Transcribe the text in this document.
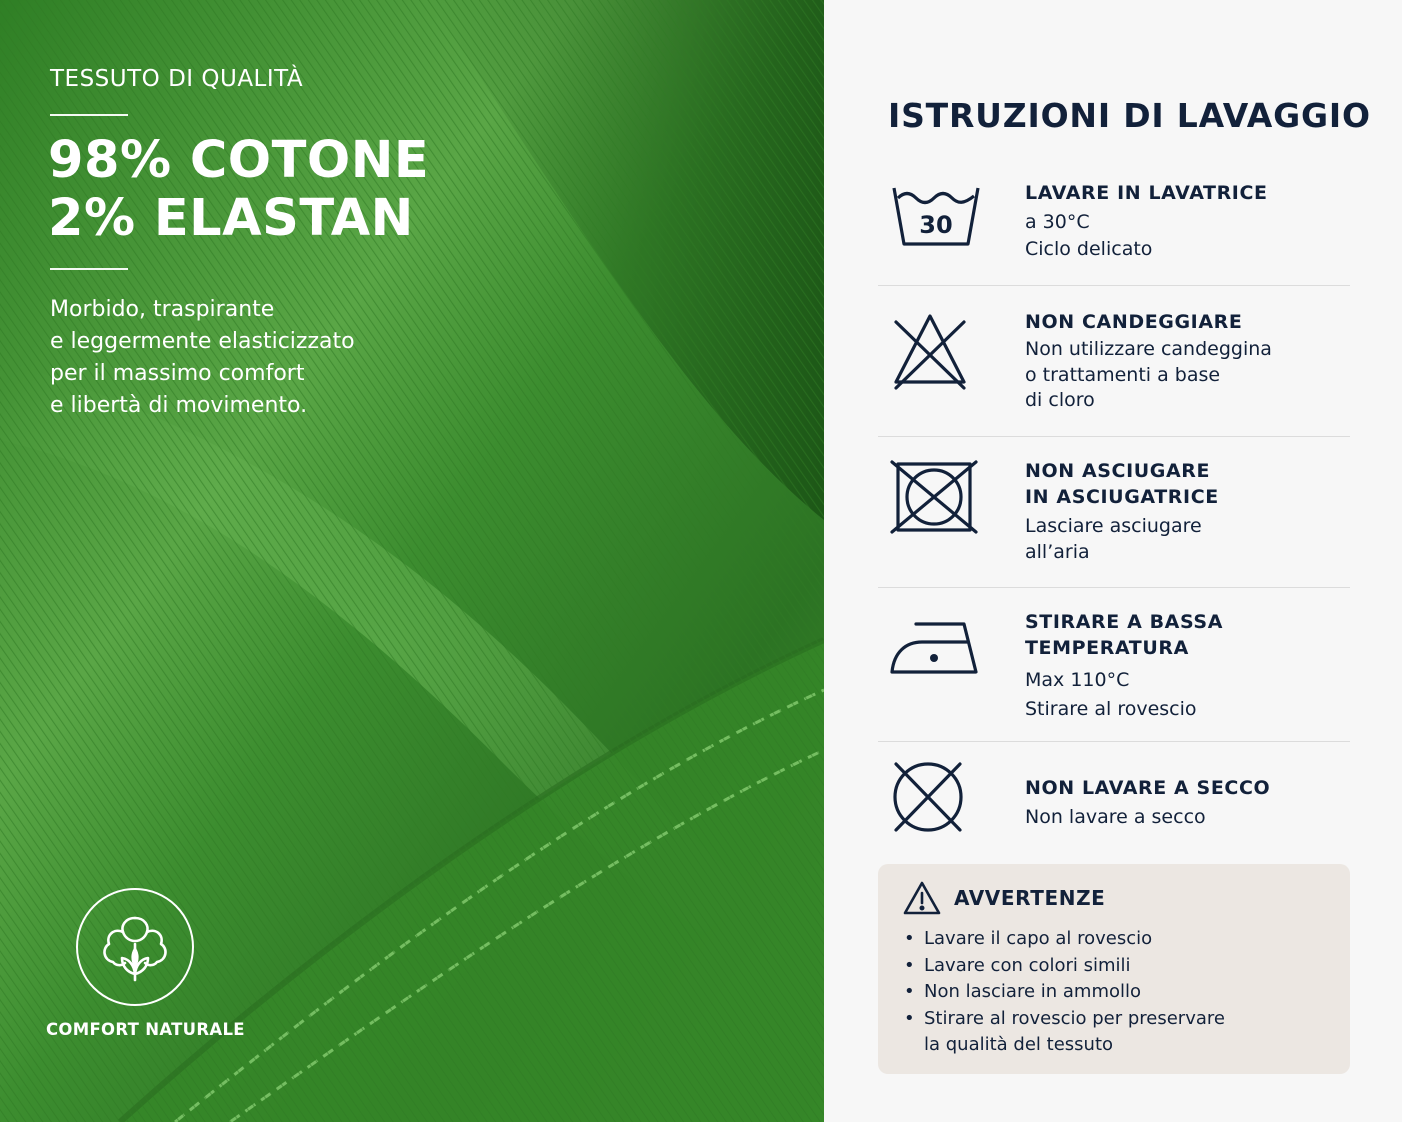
TESSUTO DI QUALITÀ
98% COTONE
2% ELASTAN
Morbido, traspirante
e leggermente elasticizzato
per il massimo comfort
e libertà di movimento.
COMFORT NATURALE
ISTRUZIONI DI LAVAGGIO
30
LAVARE IN LAVATRICE
a 30°C
Ciclo delicato
NON CANDEGGIARE
Non utilizzare candeggina
o trattamenti a base
di cloro
NON ASCIUGARE
IN ASCIUGATRICE
Lasciare asciugare
all’aria
STIRARE A BASSA
TEMPERATURA
Max 110°C
Stirare al rovescio
NON LAVARE A SECCO
Non lavare a secco
AVVERTENZE
• Lavare il capo al rovescio
• Lavare con colori simili
• Non lasciare in ammollo
• Stirare al rovescio per preservare
la qualità del tessuto
